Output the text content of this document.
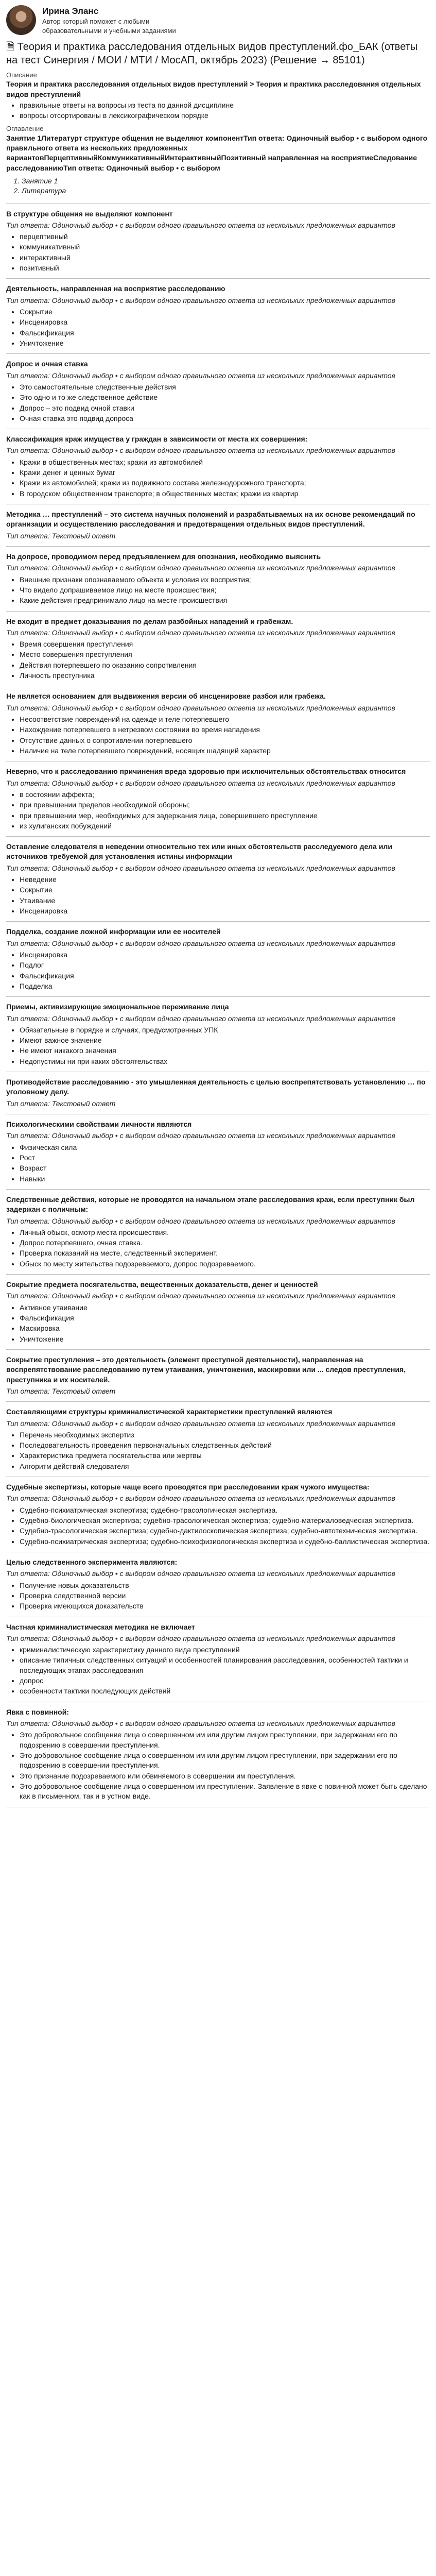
Ирина Эланс
Автор который поможет с любыми образовательными и учебными заданиями
🗎 Теория и практика расследования отдельных видов преступлений.фо_БАК (ответы на тест Синергия / МОИ / МТИ / МосАП, октябрь 2023) (Решение → 85101)
Описание
Теория и практика расследования отдельных видов преступлений > Теория и практика расследования отдельных видов преступлений
• правильные ответы на вопросы из теста по данной дисциплине
• вопросы отсортированы в лексикографическом порядке
Оглавление
Занятие 1Литературт структуре общения не выделяют компонентТип ответа: Одиночный выбор • с выбором одного правильного ответа из нескольких предложенных вариантовПерцептивныйКоммуникативныйИнтерактивныйПозитивный направленная на восприятиеСледование расследованиюТип ответа: Одиночный выбор • с выбором
1. Занятие 1
2. Литература
В структуре общения не выделяют компонент
Тип ответа: Одиночный выбор • с выбором одного правильного ответа из нескольких предложенных вариантов
• перцептивный
• коммуникативный
• интерактивный
• позитивный
Деятельность, направленная на восприятие расследованию
Тип ответа: Одиночный выбор • с выбором одного правильного ответа из нескольких предложенных вариантов
• Сокрытие
• Инсценировка
• Фальсификация
• Уничтожение
Допрос и очная ставка
Тип ответа: Одиночный выбор • с выбором одного правильного ответа из нескольких предложенных вариантов
• Это самостоятельные следственные действия
• Это одно и то же следственное действие
• Допрос – это подвид очной ставки
• Очная ставка это подвид допроса
Классификация краж имущества у граждан в зависимости от места их совершения:
Тип ответа: Одиночный выбор • с выбором одного правильного ответа из нескольких предложенных вариантов
• Кражи в общественных местах; кражи из автомобилей
• Кражи денег и ценных бумаг
• Кражи из автомобилей; кражи из подвижного состава железнодорожного транспорта;
• В городском общественном транспорте; в общественных местах; кражи из квартир
Методика … преступлений – это система научных положений и разрабатываемых на их основе рекомендаций по организации и осуществлению расследования и предотвращения отдельных видов преступлений.
Тип ответа: Текстовый ответ
На допросе, проводимом перед предъявлением для опознания, необходимо выяснить
Тип ответа: Одиночный выбор • с выбором одного правильного ответа из нескольких предложенных вариантов
• Внешние признаки опознаваемого объекта и условия их восприятия;
• Что видело допрашиваемое лицо на месте происшествия;
• Какие действия предпринимало лицо на месте происшествия
Не входит в предмет доказывания по делам разбойных нападений и грабежам.
Тип ответа: Одиночный выбор • с выбором одного правильного ответа из нескольких предложенных вариантов
• Время совершения преступления
• Место совершения преступления
• Действия потерпевшего по оказанию сопротивления
• Личность преступника
Не является основанием для выдвижения версии об инсценировке разбоя или грабежа.
Тип ответа: Одиночный выбор • с выбором одного правильного ответа из нескольких предложенных вариантов
• Несоответствие повреждений на одежде и теле потерпевшего
• Нахождение потерпевшего в нетрезвом состоянии во время нападения
• Отсутствие данных о сопротивлении потерпевшего
• Наличие на теле потерпевшего повреждений, носящих шадящий характер
Неверно, что к расследованию причинения вреда здоровью при исключительных обстоятельствах относится
Тип ответа: Одиночный выбор • с выбором одного правильного ответа из нескольких предложенных вариантов
• в состоянии аффекта;
• при превышении пределов необходимой обороны;
• при превышении мер, необходимых для задержания лица, совершившего преступление
• из хулиганских побуждений
Оставление следователя в неведении относительно тех или иных обстоятельств расследуемого дела или источников требуемой для установления истины информации
Тип ответа: Одиночный выбор • с выбором одного правильного ответа из нескольких предложенных вариантов
• Неведение
• Сокрытие
• Утаивание
• Инсценировка
Подделка, создание ложной информации или ее носителей
Тип ответа: Одиночный выбор • с выбором одного правильного ответа из нескольких предложенных вариантов
• Инсценировка
• Подлог
• Фальсификация
• Подделка
Приемы, активизирующие эмоциональное переживание лица
Тип ответа: Одиночный выбор • с выбором одного правильного ответа из нескольких предложенных вариантов
• Обязательные в порядке и случаях, предусмотренных УПК
• Имеют важное значение
• Не имеют никакого значения
• Недопустимы ни при каких обстоятельствах
Противодействие расследованию - это умышленная деятельность с целью воспрепятствовать установлению … по уголовному делу.
Тип ответа: Текстовый ответ
Психологическими свойствами личности являются
Тип ответа: Одиночный выбор • с выбором одного правильного ответа из нескольких предложенных вариантов
• Физическая сила
• Рост
• Возраст
• Навыки
Следственные действия, которые не проводятся на начальном этапе расследования краж, если преступник был задержан с поличным:
Тип ответа: Одиночный выбор • с выбором одного правильного ответа из нескольких предложенных вариантов
• Личный обыск, осмотр места происшествия.
• Допрос потерпевшего, очная ставка.
• Проверка показаний на месте, следственный эксперимент.
• Обыск по месту жительства подозреваемого, допрос подозреваемого.
Сокрытие предмета посягательства, вещественных доказательств, денег и ценностей
Тип ответа: Одиночный выбор • с выбором одного правильного ответа из нескольких предложенных вариантов
• Активное утаивание
• Фальсификация
• Маскировка
• Уничтожение
Сокрытие преступления – это деятельность (элемент преступной деятельности), направленная на воспрепятствование расследованию путем утаивания, уничтожения, маскировки или ... следов преступления, преступника и их носителей.
Тип ответа: Текстовый ответ
Составляющими структуры криминалистической характеристики преступлений являются
Тип ответа: Одиночный выбор • с выбором одного правильного ответа из нескольких предложенных вариантов
• Перечень необходимых экспертиз
• Последовательность проведения первоначальных следственных действий
• Характеристика предмета посягательства или жертвы
• Алгоритм действий следователя
Судебные экспертизы, которые чаще всего проводятся при расследовании краж чужого имущества:
Тип ответа: Одиночный выбор • с выбором одного правильного ответа из нескольких предложенных вариантов
• Судебно-психиатрическая экспертиза; судебно-трасологическая экспертиза.
• Судебно-биологическая экспертиза; судебно-трасологическая экспертиза; судебно-материаловедческая экспертиза.
• Судебно-трасологическая экспертиза; судебно-дактилоскопическая экспертиза; судебно-автотехническая экспертиза.
• Судебно-психиатрическая экспертиза; судебно-психофизиологическая экспертиза и судебно-баллистическая экспертиза.
Целью следственного эксперимента являются:
Тип ответа: Одиночный выбор • с выбором одного правильного ответа из нескольких предложенных вариантов
• Получение новых доказательств
• Проверка следственной версии
• Проверка имеющихся доказательств
Частная криминалистическая методика не включает
Тип ответа: Одиночный выбор • с выбором одного правильного ответа из нескольких предложенных вариантов
• криминалистическую характеристику данного вида преступлений
• описание типичных следственных ситуаций и особенностей планирования расследования, особенностей тактики и последующих этапах расследования
• допрос
• особенности тактики последующих действий
Явка с повинной:
Тип ответа: Одиночный выбор • с выбором одного правильного ответа из нескольких предложенных вариантов
• Это добровольное сообщение лица о совершенном им или другим лицом преступлении, при задержании его по подозрению в совершении преступления.
• Это добровольное сообщение лица о совершенном им или другим лицом преступлении, при задержании его по подозрению в совершении преступления.
• Это признание подозреваемого или обвиняемого в совершении им преступления.
• Это добровольное сообщение лица о совершенном им преступлении. Заявление в явке с повинной может быть сделано как в письменном, так и в устном виде.
